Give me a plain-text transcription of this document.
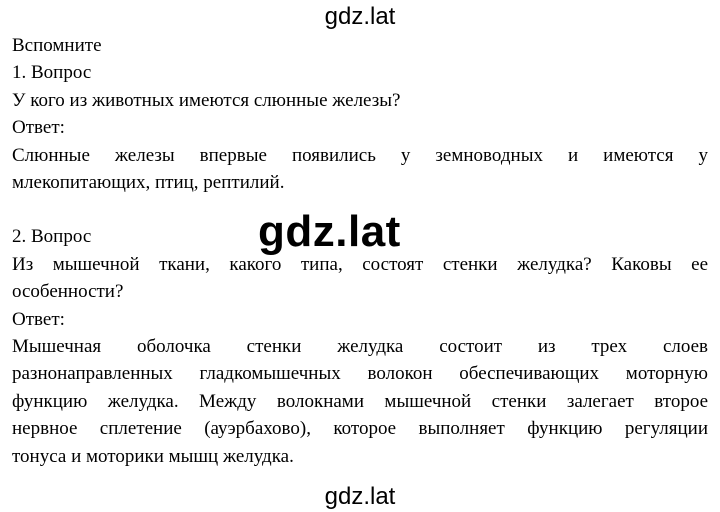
gdz.lat
Вспомните
1. Вопрос
У кого из животных имеются слюнные железы?
Ответ:
Слюнные железы впервые появились у земноводных и имеются у
млекопитающих, птиц, рептилий.
2. Вопрос
Из мышечной ткани, какого типа, состоят стенки желудка? Каковы ее
особенности?
Ответ:
Мышечная оболочка стенки желудка состоит из трех слоев
разнонаправленных гладкомышечных волокон обеспечивающих моторную
функцию желудка. Между волокнами мышечной стенки залегает второе
нервное сплетение (ауэрбахово), которое выполняет функцию регуляции
тонуса и моторики мышц желудка.
gdz.lat
gdz.lat
